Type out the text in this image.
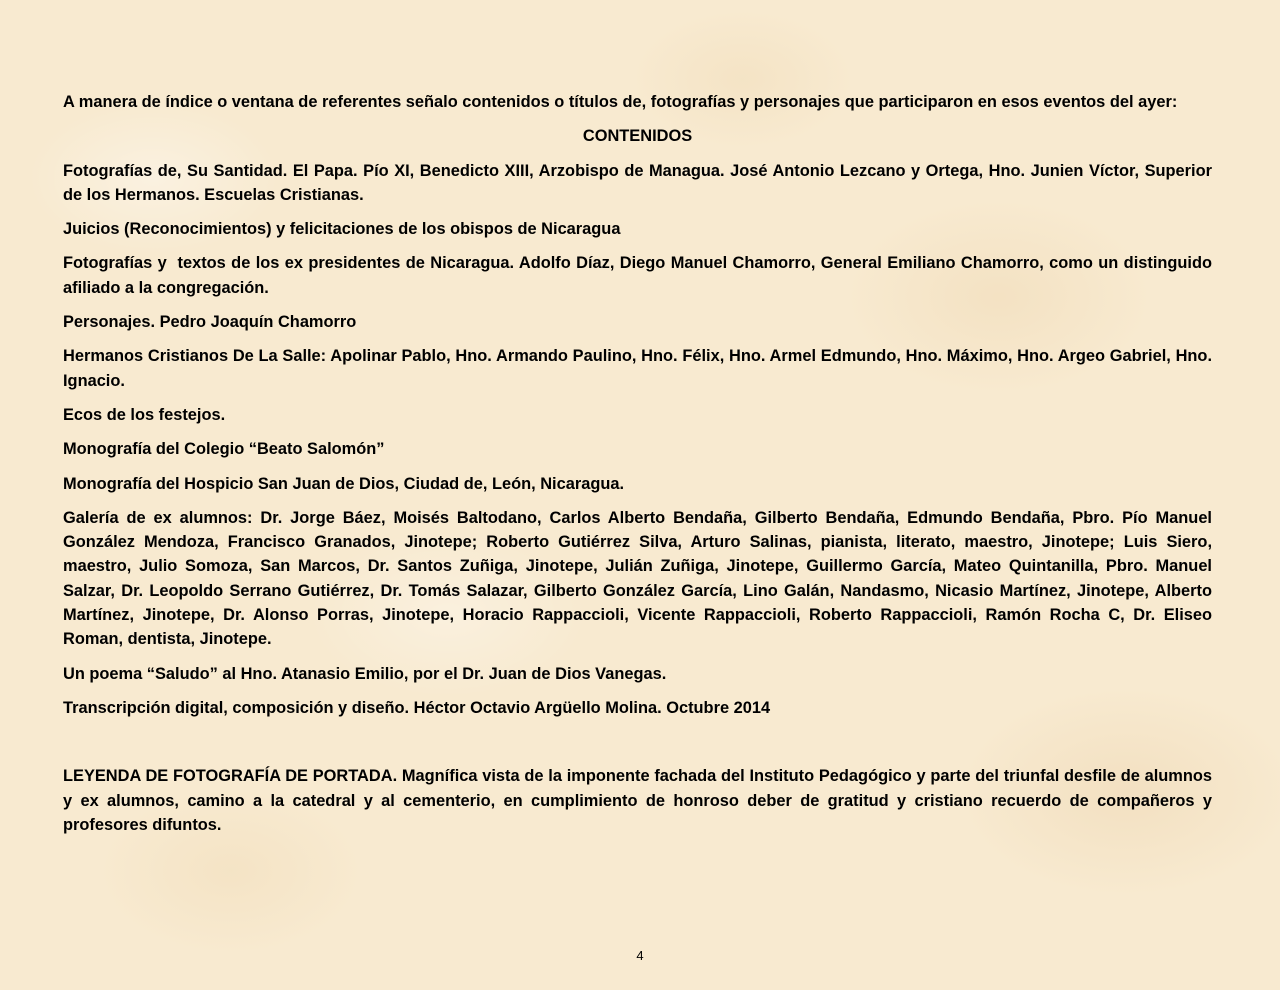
A manera de índice o ventana de referentes señalo contenidos o títulos de, fotografías y personajes que participaron en esos eventos del ayer:

CONTENIDOS

Fotografías de, Su Santidad. El Papa. Pío XI, Benedicto XIII, Arzobispo de Managua. José Antonio Lezcano y Ortega, Hno. Junien Víctor, Superior de los Hermanos. Escuelas Cristianas.

Juicios (Reconocimientos) y felicitaciones de los obispos de Nicaragua

Fotografías y  textos de los ex presidentes de Nicaragua. Adolfo Díaz, Diego Manuel Chamorro, General Emiliano Chamorro, como un distinguido afiliado a la congregación.

Personajes. Pedro Joaquín Chamorro

Hermanos Cristianos De La Salle: Apolinar Pablo, Hno. Armando Paulino, Hno. Félix, Hno. Armel Edmundo, Hno. Máximo, Hno. Argeo Gabriel, Hno. Ignacio.

Ecos de los festejos.

Monografía del Colegio “Beato Salomón”

Monografía del Hospicio San Juan de Dios, Ciudad de, León, Nicaragua.

Galería de ex alumnos: Dr. Jorge Báez, Moisés Baltodano, Carlos Alberto Bendaña, Gilberto Bendaña, Edmundo Bendaña, Pbro. Pío Manuel González Mendoza, Francisco Granados, Jinotepe; Roberto Gutiérrez Silva, Arturo Salinas, pianista, literato, maestro, Jinotepe; Luis Siero, maestro, Julio Somoza, San Marcos, Dr. Santos Zuñiga, Jinotepe, Julián Zuñiga, Jinotepe, Guillermo García, Mateo Quintanilla, Pbro. Manuel Salzar, Dr. Leopoldo Serrano Gutiérrez, Dr. Tomás Salazar, Gilberto González García, Lino Galán, Nandasmo, Nicasio Martínez, Jinotepe, Alberto Martínez, Jinotepe, Dr. Alonso Porras, Jinotepe, Horacio Rappaccioli, Vicente Rappaccioli, Roberto Rappaccioli, Ramón Rocha C, Dr. Eliseo Roman, dentista, Jinotepe.

Un poema “Saludo” al Hno. Atanasio Emilio, por el Dr. Juan de Dios Vanegas.

Transcripción digital, composición y diseño. Héctor Octavio Argüello Molina. Octubre 2014

LEYENDA DE FOTOGRAFÍA DE PORTADA. Magnífica vista de la imponente fachada del Instituto Pedagógico y parte del triunfal desfile de alumnos y ex alumnos, camino a la catedral y al cementerio, en cumplimiento de honroso deber de gratitud y cristiano recuerdo de compañeros y profesores difuntos.

4
